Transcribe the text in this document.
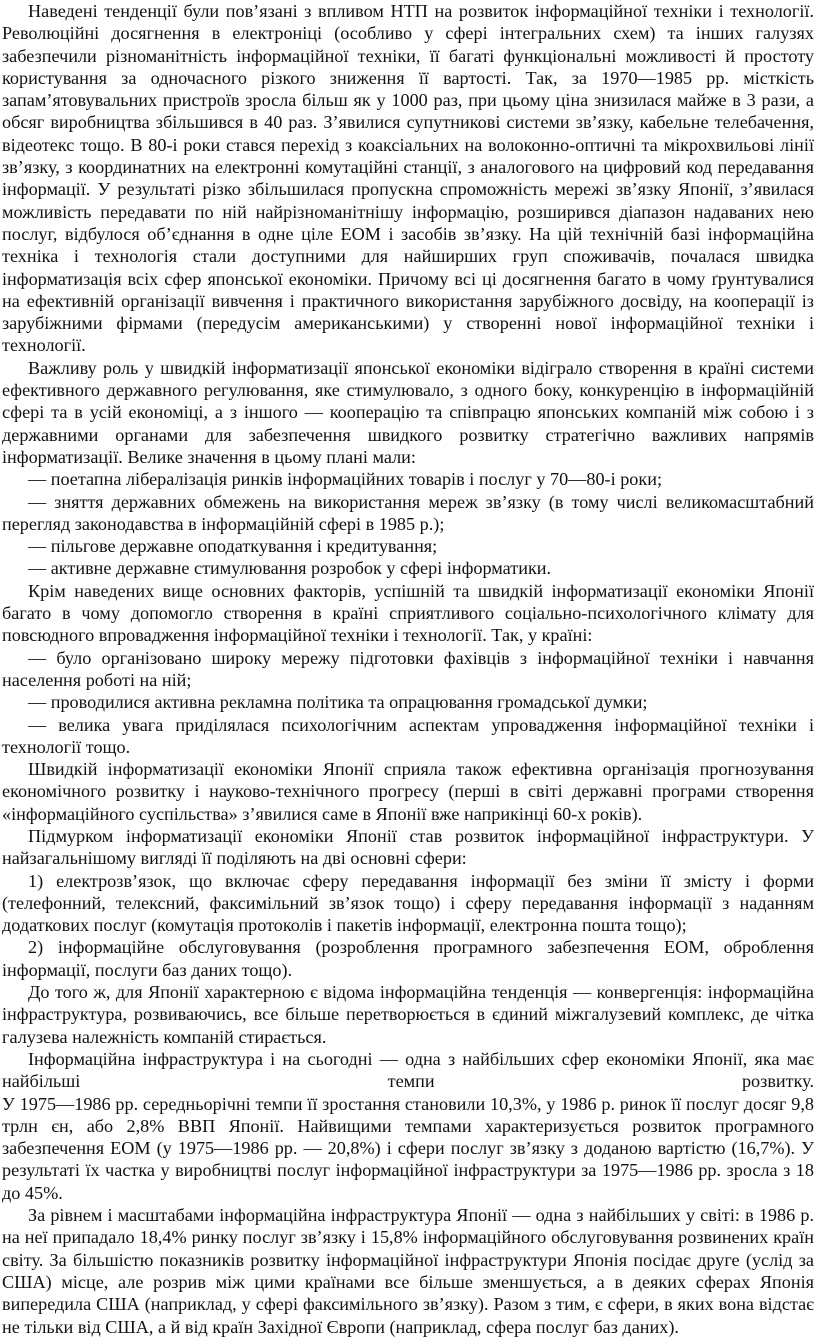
Наведені тенденції були пов’язані з впливом НТП на розвиток інформаційної техніки і технології. Революційні досягнення в електроніці (особливо у сфері інтегральних схем) та інших галузях забезпечили різноманітність інформаційної техніки, її багаті функціональні можливості й простоту користування за одночасного різкого зниження її вартості. Так, за 1970—1985 рр. місткість запам’ятовувальних пристроїв зросла більш як у 1000 раз, при цьому ціна знизилася майже в 3 рази, а обсяг виробництва збільшився в 40 раз. З’явилися супутникові системи зв’язку, кабельне телебачення, відеотекс тощо. В 80-і роки стався перехід з коаксіальних на волоконно-оптичні та мікрохвильові лінії зв’язку, з координатних на електронні комутаційні станції, з аналогового на цифровий код передавання інформації. У результаті різко збільшилася пропускна спроможність мережі зв’язку Японії, з’явилася можливість передавати по ній найрізноманітнішу інформацію, розширився діапазон надаваних нею послуг, відбулося об’єднання в одне ціле ЕОМ і засобів зв’язку. На цій технічній базі інформаційна техніка і технологія стали доступними для найширших груп споживачів, почалася швидка інформатизація всіх сфер японської економіки. Причому всі ці досягнення багато в чому ґрунтувалися на ефективній організації вивчення і практичного використання зарубіжного досвіду, на кооперації із зарубіжними фірмами (передусім американськими) у створенні нової інформаційної техніки і технології.

Важливу роль у швидкій інформатизації японської економіки відіграло створення в країні системи ефективного державного регулювання, яке стимулювало, з одного боку, конкуренцію в інформаційній сфері та в усій економіці, а з іншого — кооперацію та співпрацю японських компаній між собою і з державними органами для забезпечення швидкого розвитку стратегічно важливих напрямів інформатизації. Велике значення в цьому плані мали:

— поетапна лібералізація ринків інформаційних товарів і послуг у 70—80-і роки;

— зняття державних обмежень на використання мереж зв’язку (в тому числі великомасштабний перегляд законодавства в інформаційній сфері в 1985 р.);

— пільгове державне оподаткування і кредитування;

— активне державне стимулювання розробок у сфері інформатики.

Крім наведених вище основних факторів, успішній та швидкій інформатизації економіки Японії багато в чому допомогло створення в країні сприятливого соціально-психологічного клімату для повсюдного впровадження інформаційної техніки і технології. Так, у країні:

— було організовано широку мережу підготовки фахівців з інформаційної техніки і навчання населення роботі на ній;

— проводилися активна рекламна політика та опрацювання громадської думки;

— велика увага приділялася психологічним аспектам упровадження інформаційної техніки і технології тощо.

Швидкій інформатизації економіки Японії сприяла також ефективна організація прогнозування економічного розвитку і науково-технічного прогресу (перші в світі державні програми створення «інформаційного суспільства» з’явилися саме в Японії вже наприкінці 60-х років).

Підмурком інформатизації економіки Японії став розвиток інформаційної інфраструктури. У найзагальнішому вигляді її поділяють на дві основні сфери:

1) електрозв’язок, що включає сферу передавання інформації без зміни її змісту і форми (телефонний, телексний, факсимільний зв’язок тощо) і сферу передавання інформації з наданням додаткових послуг (комутація протоколів і пакетів інформації, електронна пошта тощо);

2) інформаційне обслуговування (розроблення програмного забезпечення ЕОМ, оброблення інформації, послуги баз даних тощо).

До того ж, для Японії характерною є відома інформаційна тенденція — конвергенція: інформаційна інфраструктура, розвиваючись, все більше перетворюється в єдиний міжгалузевий комплекс, де чітка галузева належність компаній стирається.

Інформаційна інфраструктура і на сьогодні — одна з найбільших сфер економіки Японії, яка має найбільші темпи розвитку.

У 1975—1986 рр. середньорічні темпи її зростання становили 10,3%, у 1986 р. ринок її послуг досяг 9,8 трлн єн, або 2,8% ВВП Японії. Найвищими темпами характеризується розвиток програмного забезпечення ЕОМ (у 1975—1986 рр. — 20,8%) і сфери послуг зв’язку з доданою вартістю (16,7%). У результаті їх частка у виробництві послуг інформаційної інфраструктури за 1975—1986 рр. зросла з 18 до 45%.

За рівнем і масштабами інформаційна інфраструктура Японії — одна з найбільших у світі: в 1986 р. на неї припадало 18,4% ринку послуг зв’язку і 15,8% інформаційного обслуговування розвинених країн світу. За більшістю показників розвитку інформаційної інфраструктури Японія посідає друге (услід за США) місце, але розрив між цими країнами все більше зменшується, а в деяких сферах Японія випередила США (наприклад, у сфері факсимільного зв’язку). Разом з тим, є сфери, в яких вона відстає не тільки від США, а й від країн Західної Європи (наприклад, сфера послуг баз даних).
